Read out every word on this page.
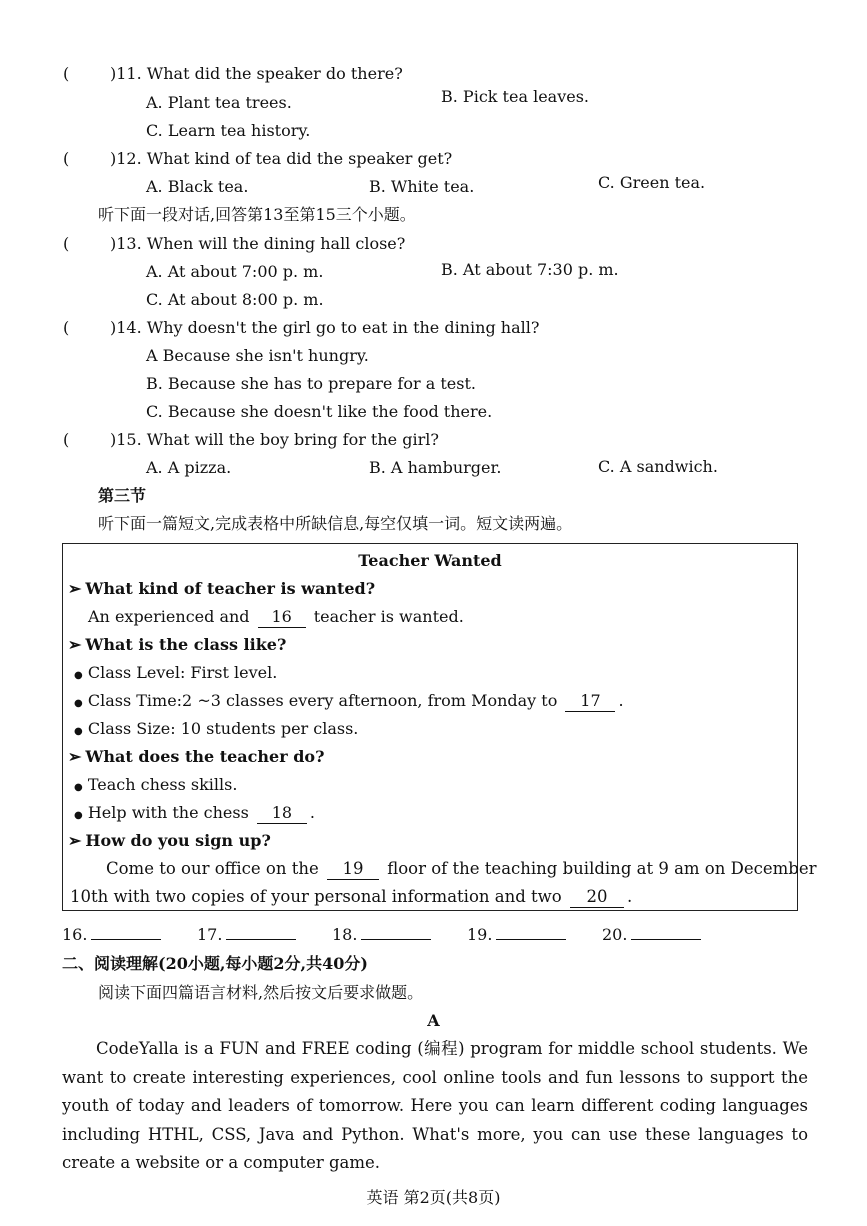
(	)11. What did the speaker do there?
A. Plant tea trees.	B. Pick tea leaves.
C. Learn tea history.
(	)12. What kind of tea did the speaker get?
A. Black tea.	B. White tea.	C. Green tea.
听下面一段对话,回答第13至第15三个小题。
(	)13. When will the dining hall close?
A. At about 7:00 p. m.	B. At about 7:30 p. m.
C. At about 8:00 p. m.
(	)14. Why doesn't the girl go to eat in the dining hall?
A Because she isn't hungry.
B. Because she has to prepare for a test.
C. Because she doesn't like the food there.
(	)15. What will the boy bring for the girl?
A. A pizza.	B. A hamburger.	C. A sandwich.
第三节
听下面一篇短文,完成表格中所缺信息,每空仅填一词。短文读两遍。
Teacher Wanted
➢ What kind of teacher is wanted?
An experienced and 16 teacher is wanted.
➢ What is the class like?
● Class Level: First level.
● Class Time:2 ~3 classes every afternoon, from Monday to 17 .
● Class Size: 10 students per class.
➢ What does the teacher do?
● Teach chess skills.
● Help with the chess 18 .
➢ How do you sign up?
Come to our office on the 19 floor of the teaching building at 9 am on December
10th with two copies of your personal information and two 20 .
16.	17.	18.	19.	20.
二、阅读理解(20小题,每小题2分,共40分)
阅读下面四篇语言材料,然后按文后要求做题。
A
CodeYalla is a FUN and FREE coding (编程) program for middle school students. We want to create interesting experiences, cool online tools and fun lessons to support the youth of today and leaders of tomorrow. Here you can learn different coding languages including HTHL, CSS, Java and Python. What's more, you can use these languages to create a website or a computer game.
英语 第2页(共8页)
